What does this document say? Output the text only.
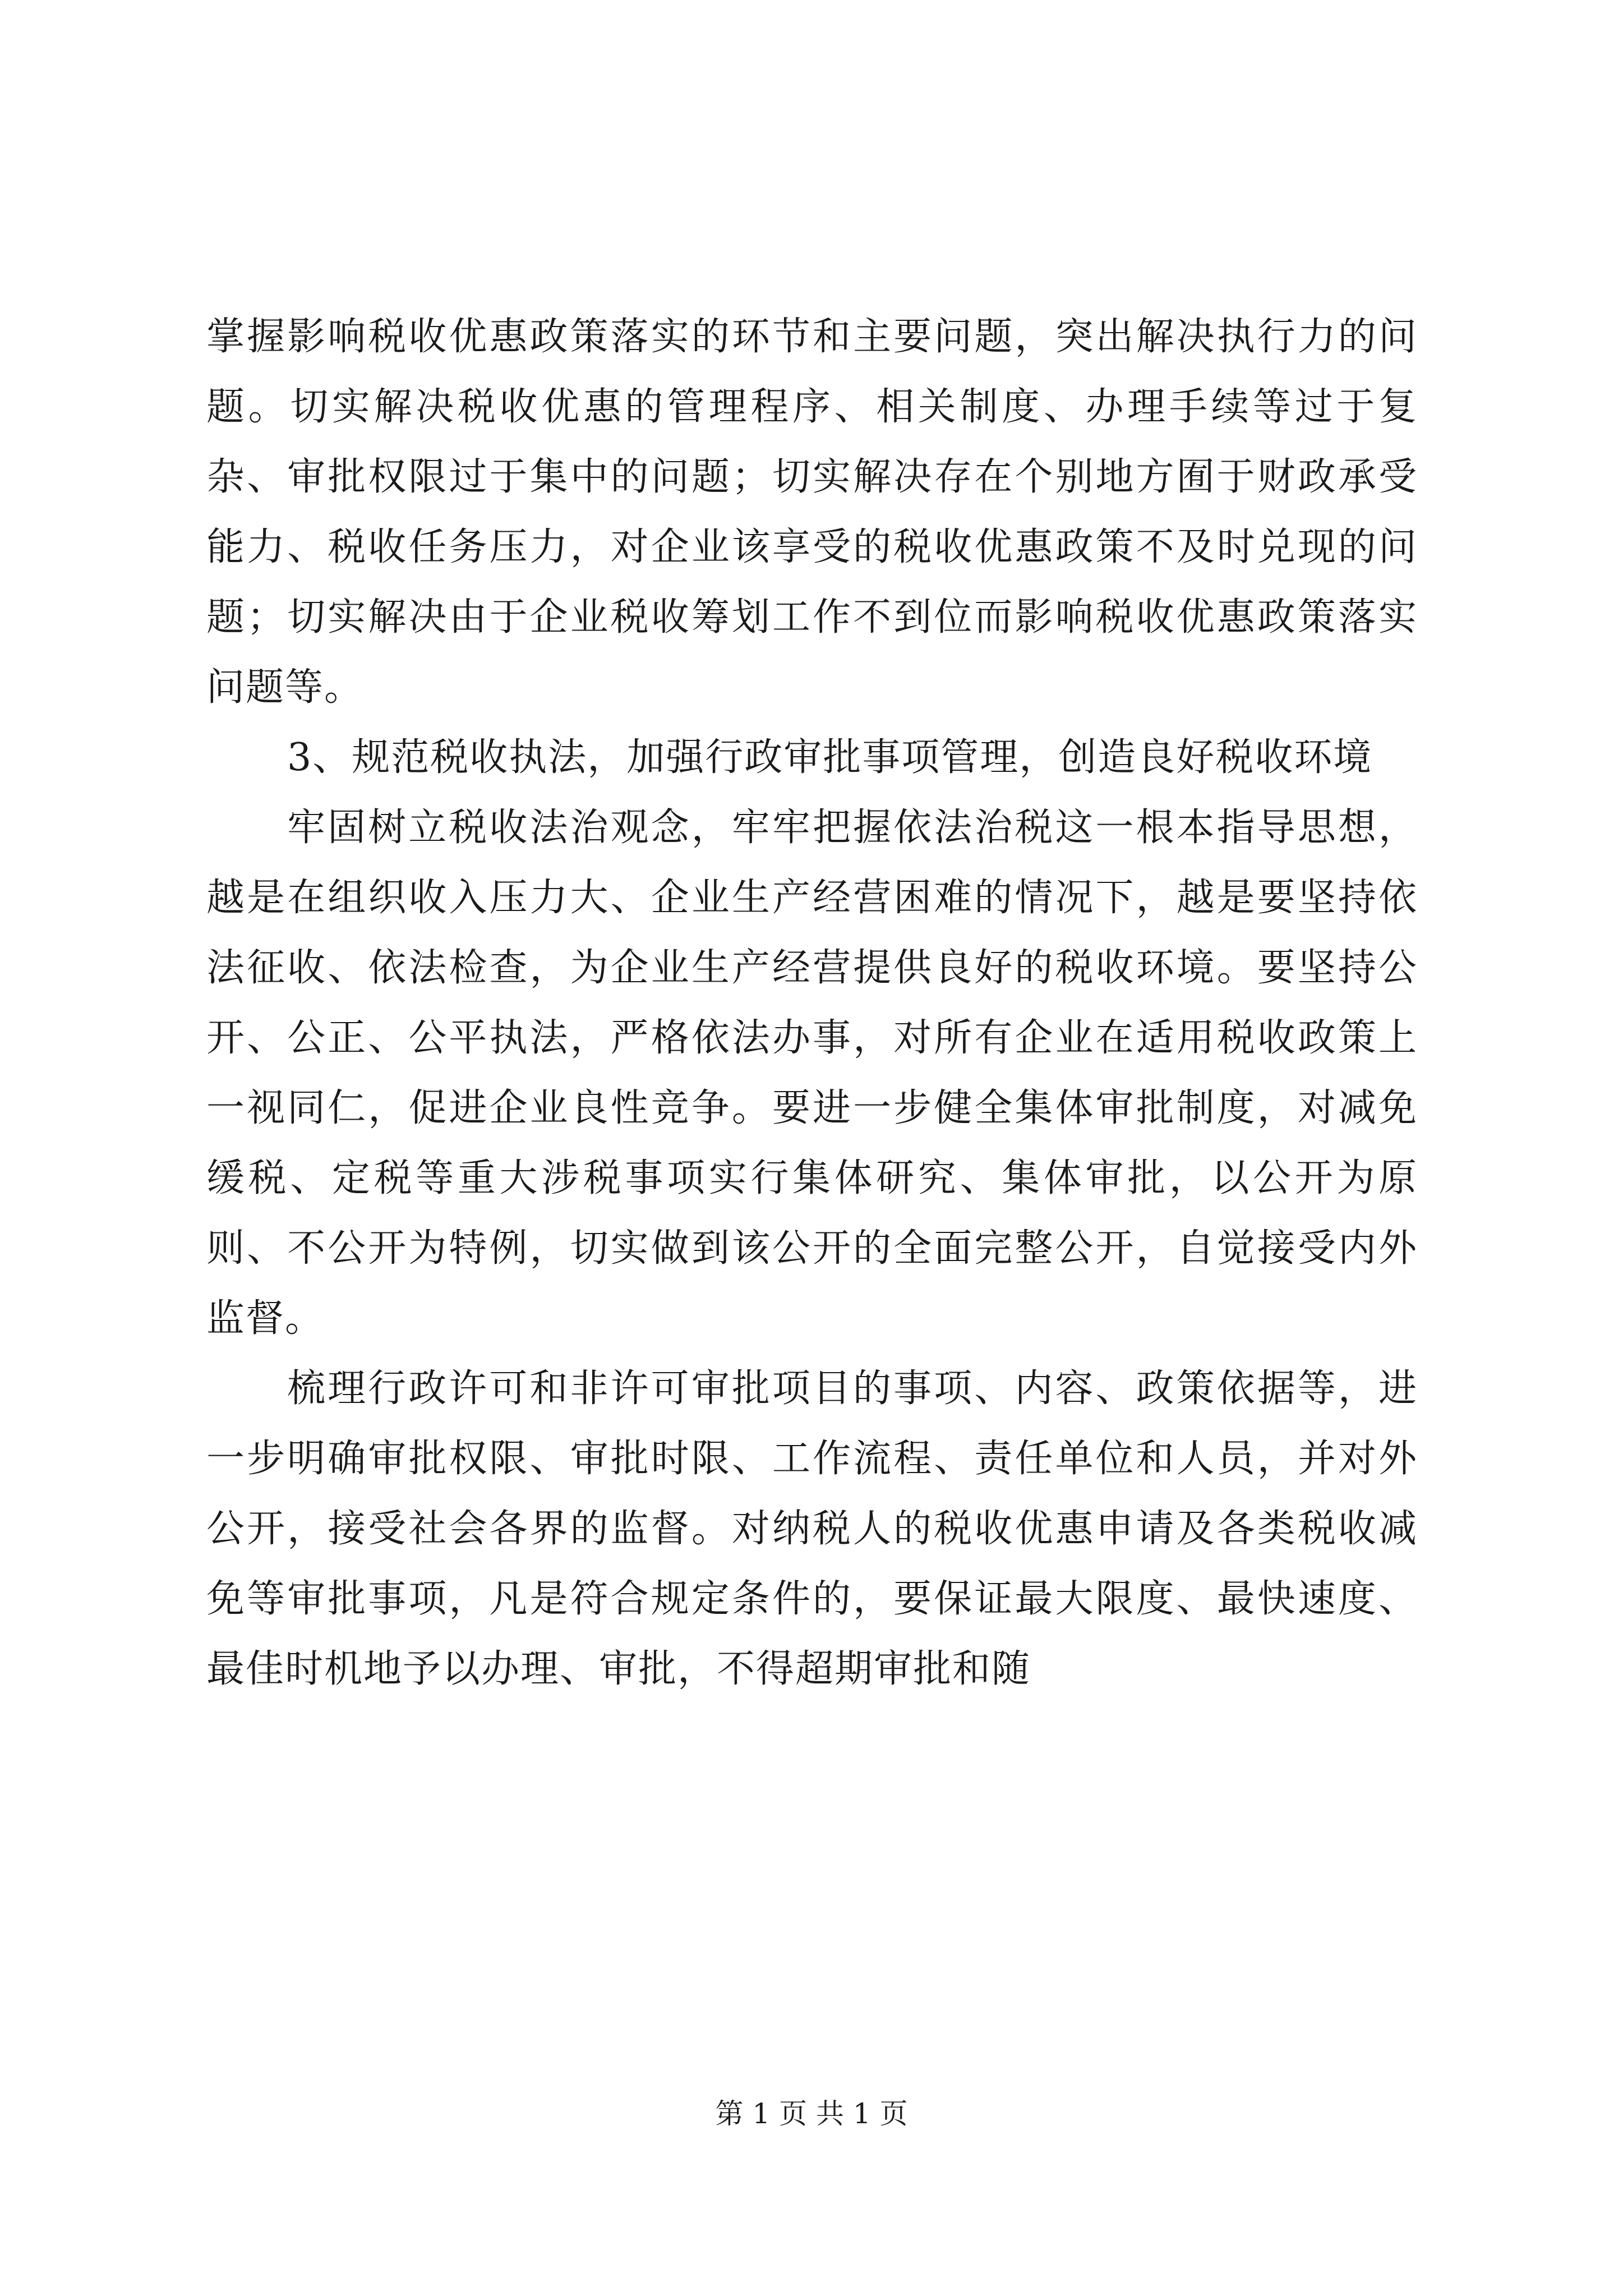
掌握影响税收优惠政策落实的环节和主要问题，突出解决执行力的问题。切实解决税收优惠的管理程序、相关制度、办理手续等过于复杂、审批权限过于集中的问题；切实解决存在个别地方囿于财政承受能力、税收任务压力，对企业该享受的税收优惠政策不及时兑现的问题；切实解决由于企业税收筹划工作不到位而影响税收优惠政策落实问题等。

3、规范税收执法，加强行政审批事项管理，创造良好税收环境

牢固树立税收法治观念，牢牢把握依法治税这一根本指导思想，越是在组织收入压力大、企业生产经营困难的情况下，越是要坚持依法征收、依法检查，为企业生产经营提供良好的税收环境。要坚持公开、公正、公平执法，严格依法办事，对所有企业在适用税收政策上一视同仁，促进企业良性竞争。要进一步健全集体审批制度，对减免缓税、定税等重大涉税事项实行集体研究、集体审批，以公开为原则、不公开为特例，切实做到该公开的全面完整公开，自觉接受内外监督。

梳理行政许可和非许可审批项目的事项、内容、政策依据等，进一步明确审批权限、审批时限、工作流程、责任单位和人员，并对外公开，接受社会各界的监督。对纳税人的税收优惠申请及各类税收减免等审批事项，凡是符合规定条件的，要保证最大限度、最快速度、最佳时机地予以办理、审批，不得超期审批和随

第 1 页 共 1 页
